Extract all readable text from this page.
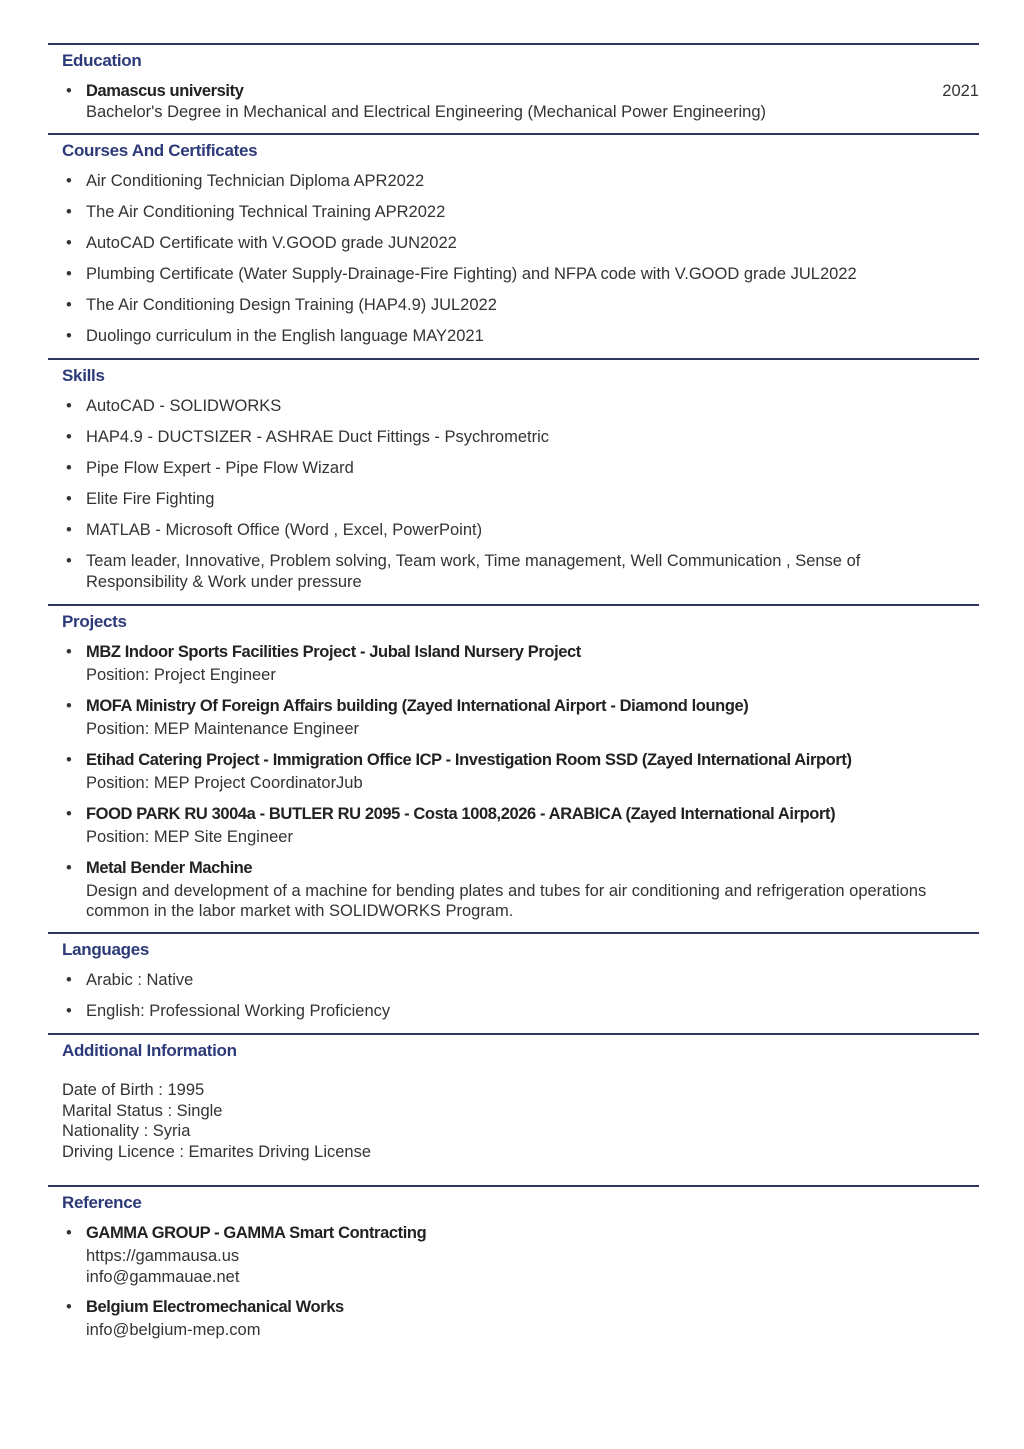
Education
• Damascus university	2021
Bachelor's Degree in Mechanical and Electrical Engineering (Mechanical Power Engineering)
Courses And Certificates
• Air Conditioning Technician Diploma APR2022
• The Air Conditioning Technical Training APR2022
• AutoCAD Certificate with V.GOOD grade JUN2022
• Plumbing Certificate (Water Supply-Drainage-Fire Fighting) and NFPA code with V.GOOD grade JUL2022
• The Air Conditioning Design Training (HAP4.9) JUL2022
• Duolingo curriculum in the English language MAY2021
Skills
• AutoCAD - SOLIDWORKS
• HAP4.9 - DUCTSIZER - ASHRAE Duct Fittings - Psychrometric
• Pipe Flow Expert - Pipe Flow Wizard
• Elite Fire Fighting
• MATLAB - Microsoft Office (Word , Excel, PowerPoint)
• Team leader, Innovative, Problem solving, Team work, Time management, Well Communication , Sense of Responsibility & Work under pressure
Projects
• MBZ Indoor Sports Facilities Project - Jubal Island Nursery Project
Position: Project Engineer
• MOFA Ministry Of Foreign Affairs building (Zayed International Airport - Diamond lounge)
Position: MEP Maintenance Engineer
• Etihad Catering Project - Immigration Office ICP - Investigation Room SSD (Zayed International Airport)
Position: MEP Project CoordinatorJub
• FOOD PARK RU 3004a - BUTLER RU 2095 - Costa 1008,2026 - ARABICA (Zayed International Airport)
Position: MEP Site Engineer
• Metal Bender Machine
Design and development of a machine for bending plates and tubes for air conditioning and refrigeration operations common in the labor market with SOLIDWORKS Program.
Languages
• Arabic : Native
• English: Professional Working Proficiency
Additional Information
Date of Birth : 1995
Marital Status : Single
Nationality : Syria
Driving Licence : Emarites Driving License
Reference
• GAMMA GROUP - GAMMA Smart Contracting
https://gammausa.us
info@gammauae.net
• Belgium Electromechanical Works
info@belgium-mep.com
